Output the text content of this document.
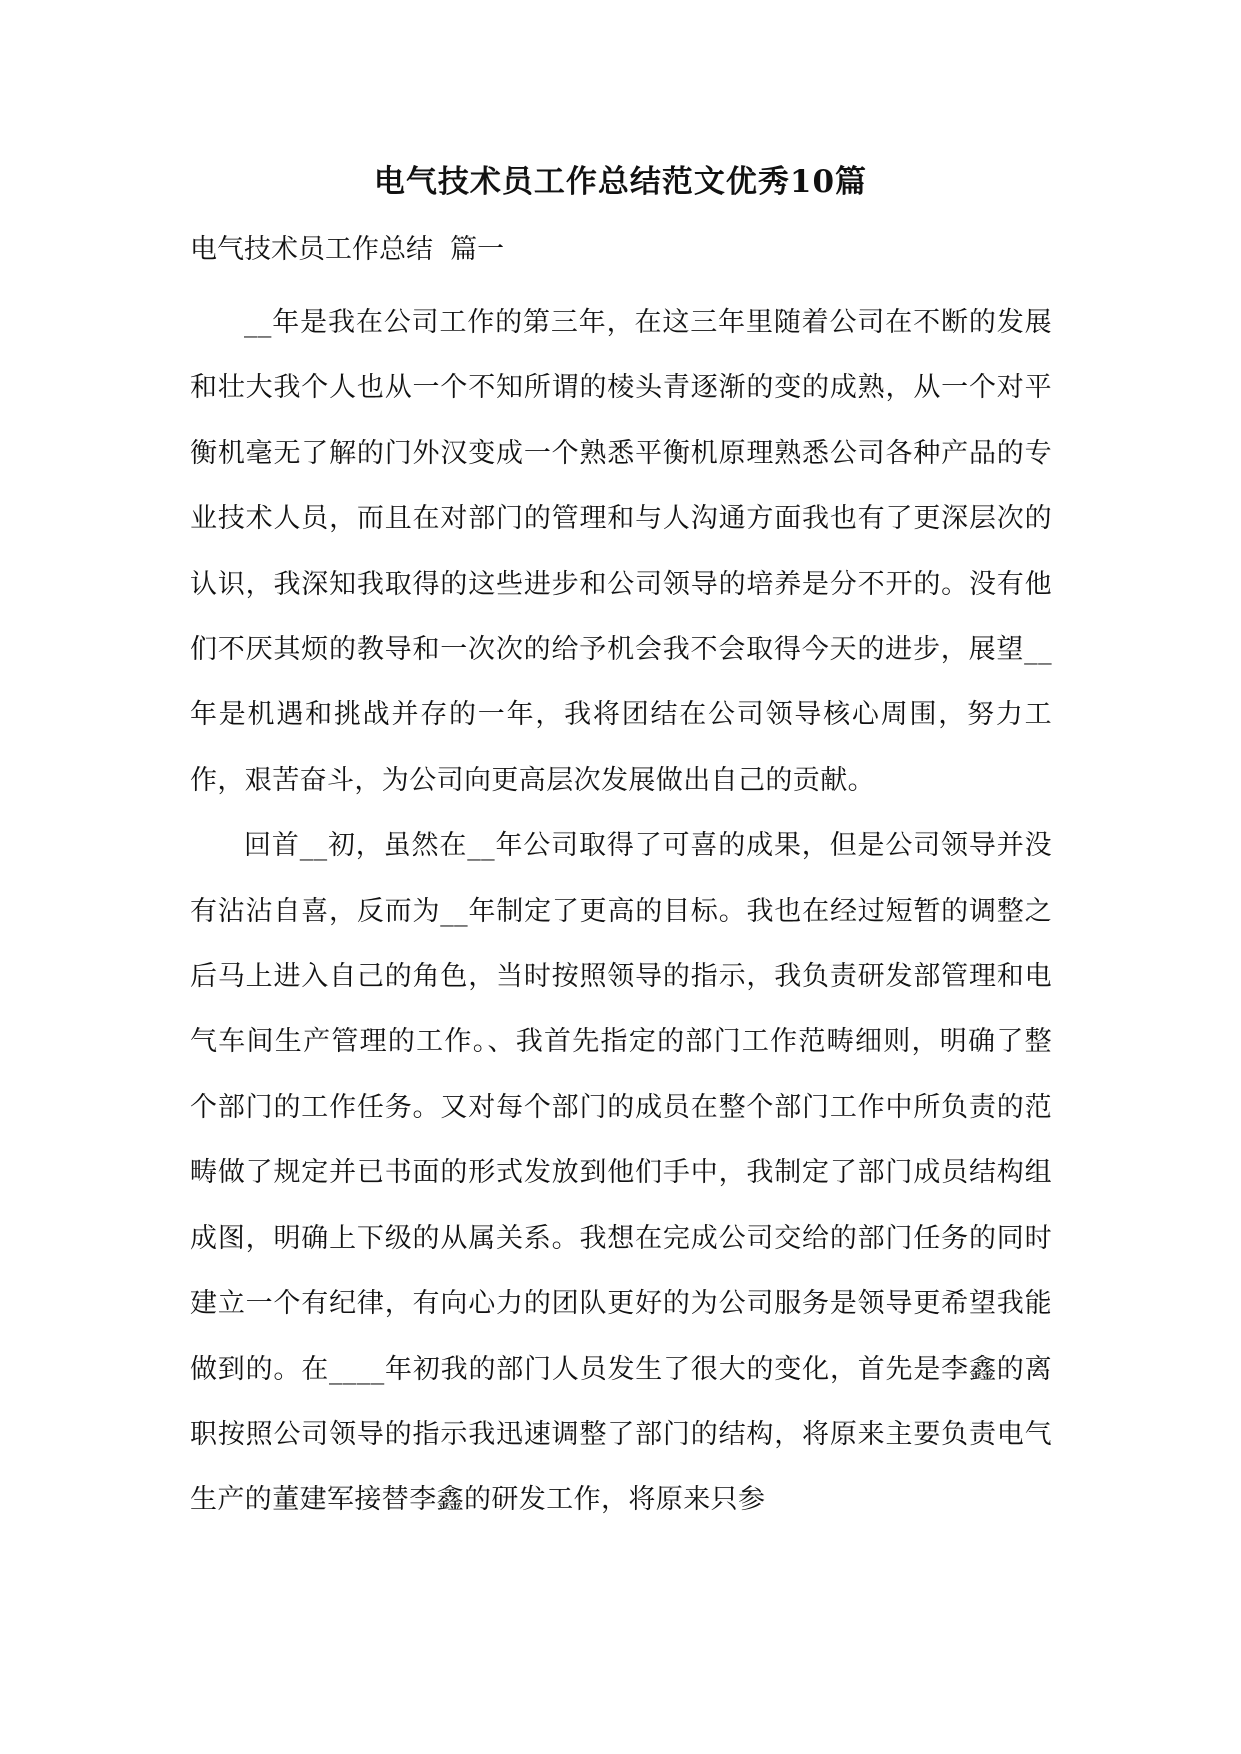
电气技术员工作总结范文优秀10篇
电气技术员工作总结  篇一

__年是我在公司工作的第三年，在这三年里随着公司在不断的发展和壮大我个人也从一个不知所谓的棱头青逐渐的变的成熟，从一个对平衡机毫无了解的门外汉变成一个熟悉平衡机原理熟悉公司各种产品的专业技术人员，而且在对部门的管理和与人沟通方面我也有了更深层次的认识，我深知我取得的这些进步和公司领导的培养是分不开的。没有他们不厌其烦的教导和一次次的给予机会我不会取得今天的进步，展望__年是机遇和挑战并存的一年，我将团结在公司领导核心周围，努力工作，艰苦奋斗，为公司向更高层次发展做出自己的贡献。

回首__初，虽然在__年公司取得了可喜的成果，但是公司领导并没有沾沾自喜，反而为__年制定了更高的目标。我也在经过短暂的调整之后马上进入自己的角色，当时按照领导的指示，我负责研发部管理和电气车间生产管理的工作。、我首先指定的部门工作范畴细则，明确了整个部门的工作任务。又对每个部门的成员在整个部门工作中所负责的范畴做了规定并已书面的形式发放到他们手中，我制定了部门成员结构组成图，明确上下级的从属关系。我想在完成公司交给的部门任务的同时建立一个有纪律，有向心力的团队更好的为公司服务是领导更希望我能做到的。在____年初我的部门人员发生了很大的变化，首先是李鑫的离职按照公司领导的指示我迅速调整了部门的结构，将原来主要负责电气生产的董建军接替李鑫的研发工作，将原来只参
